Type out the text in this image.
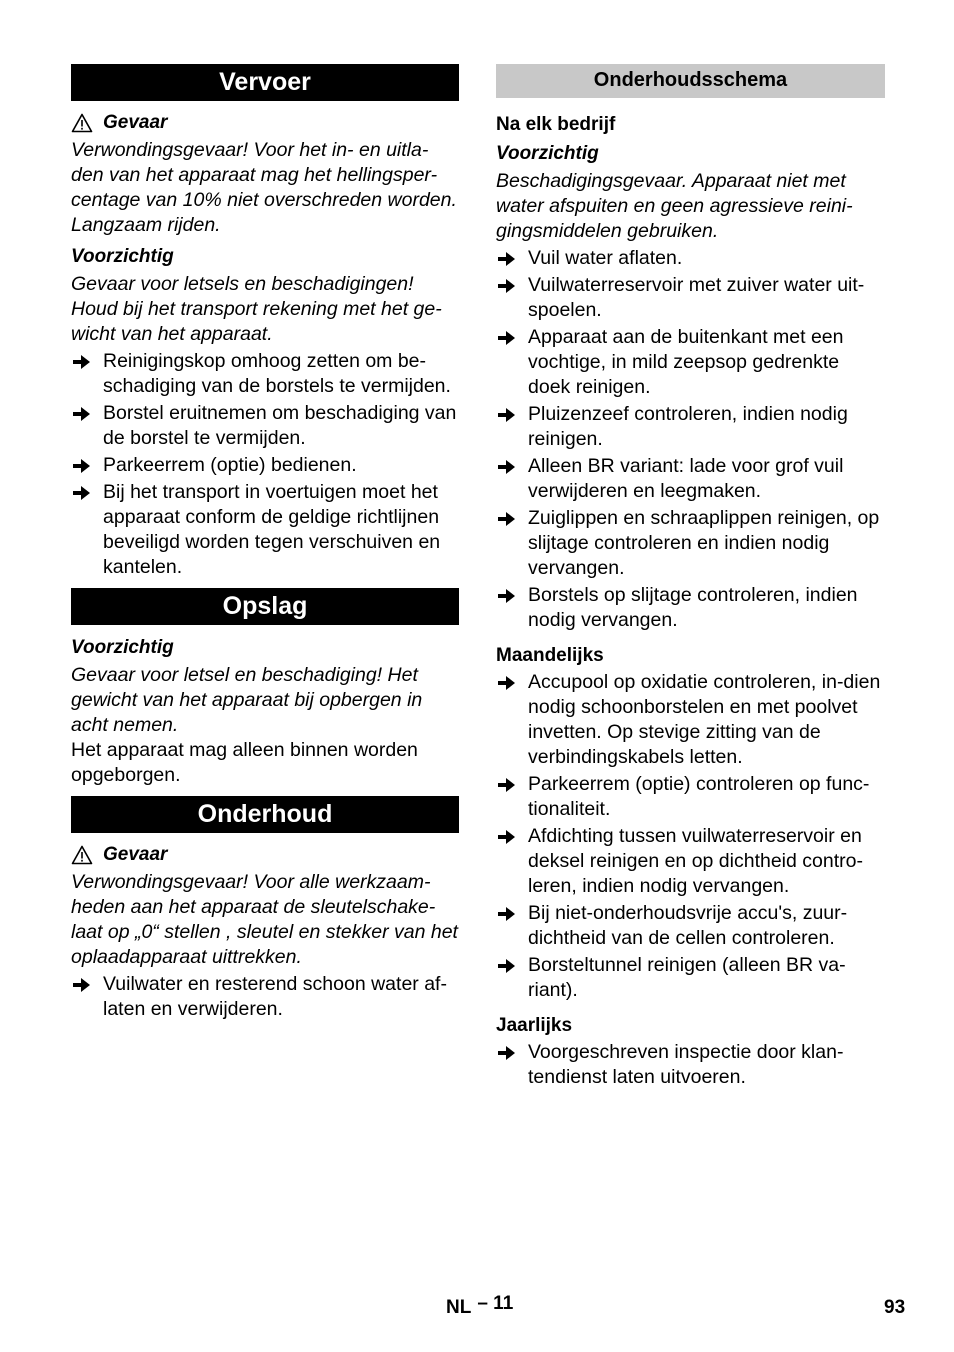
Vervoer
Gevaar

Verwondingsgevaar! Voor het in- en uitla-den van het apparaat mag het hellingsper-centage van 10% niet overschreden worden. Langzaam rijden.

Voorzichtig

Gevaar voor letsels en beschadigingen! Houd bij het transport rekening met het ge-wicht van het apparaat.

Reinigingskop omhoog zetten om be-schadiging van de borstels te vermijden.
Borstel eruitnemen om beschadiging van de borstel te vermijden.
Parkeerrem (optie) bedienen.
Bij het transport in voertuigen moet het apparaat conform de geldige richtlijnen beveiligd worden tegen verschuiven en kantelen.
Opslag
Voorzichtig

Gevaar voor letsel en beschadiging! Het gewicht van het apparaat bij opbergen in acht nemen.

Het apparaat mag alleen binnen worden opgeborgen.

Onderhoud
Gevaar

Verwondingsgevaar! Voor alle werkzaam-heden aan het apparaat de sleutelschake-laat op „0“ stellen , sleutel en stekker van het oplaadapparaat uittrekken.

Vuilwater en resterend schoon water af-laten en verwijderen.
Onderhoudsschema
Na elk bedrijf
Voorzichtig

Beschadigingsgevaar. Apparaat niet met water afspuiten en geen agressieve reini-gingsmiddelen gebruiken.

Vuil water aflaten.
Vuilwaterreservoir met zuiver water uit-spoelen.
Apparaat aan de buitenkant met een vochtige, in mild zeepsop gedrenkte doek reinigen.
Pluizenzeef controleren, indien nodig reinigen.
Alleen BR variant: lade voor grof vuil verwijderen en leegmaken.
Zuiglippen en schraaplippen reinigen, op slijtage controleren en indien nodig vervangen.
Borstels op slijtage controleren, indien nodig vervangen.
Maandelijks
Accupool op oxidatie controleren, in-dien nodig schoonborstelen en met poolvet invetten. Op stevige zitting van de verbindingskabels letten.
Parkeerrem (optie) controleren op func-tionaliteit.
Afdichting tussen vuilwaterreservoir en deksel reinigen en op dichtheid contro-leren, indien nodig vervangen.
Bij niet-onderhoudsvrije accu's, zuur-dichtheid van de cellen controleren.
Borsteltunnel reinigen (alleen BR va-riant).
Jaarlijks
Voorgeschreven inspectie door klan-tendienst laten uitvoeren.
NL – 11	93
